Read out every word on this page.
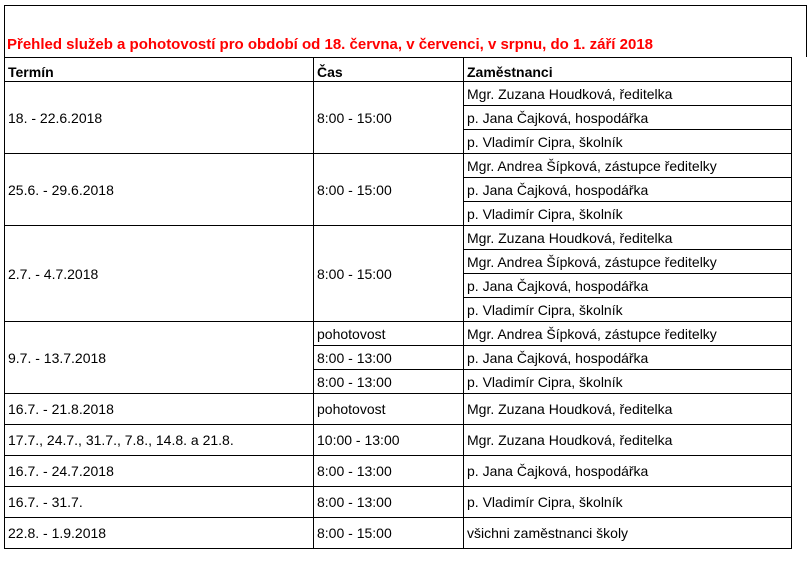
Přehled služeb a pohotovostí pro období od 18. června, v červenci, v srpnu, do 1. září 2018
Termín	Čas	Zaměstnanci
18. - 22.6.2018	8:00 - 15:00	Mgr. Zuzana Houdková, ředitelka
		p. Jana Čajková, hospodářka
		p. Vladimír Cipra, školník
25.6. - 29.6.2018	8:00 - 15:00	Mgr. Andrea Šípková, zástupce ředitelky
		p. Jana Čajková, hospodářka
		p. Vladimír Cipra, školník
2.7. - 4.7.2018	8:00 - 15:00	Mgr. Zuzana Houdková, ředitelka
		Mgr. Andrea Šípková, zástupce ředitelky
		p. Jana Čajková, hospodářka
		p. Vladimír Cipra, školník
9.7. - 13.7.2018	pohotovost	Mgr. Andrea Šípková, zástupce ředitelky
	8:00 - 13:00	p. Jana Čajková, hospodářka
	8:00 - 13:00	p. Vladimír Cipra, školník
16.7. - 21.8.2018	pohotovost	Mgr. Zuzana Houdková, ředitelka
17.7., 24.7., 31.7., 7.8., 14.8. a 21.8.	10:00 - 13:00	Mgr. Zuzana Houdková, ředitelka
16.7. - 24.7.2018	8:00 - 13:00	p. Jana Čajková, hospodářka
16.7. - 31.7.	8:00 - 13:00	p. Vladimír Cipra, školník
22.8. - 1.9.2018	8:00 - 15:00	všichni zaměstnanci školy
